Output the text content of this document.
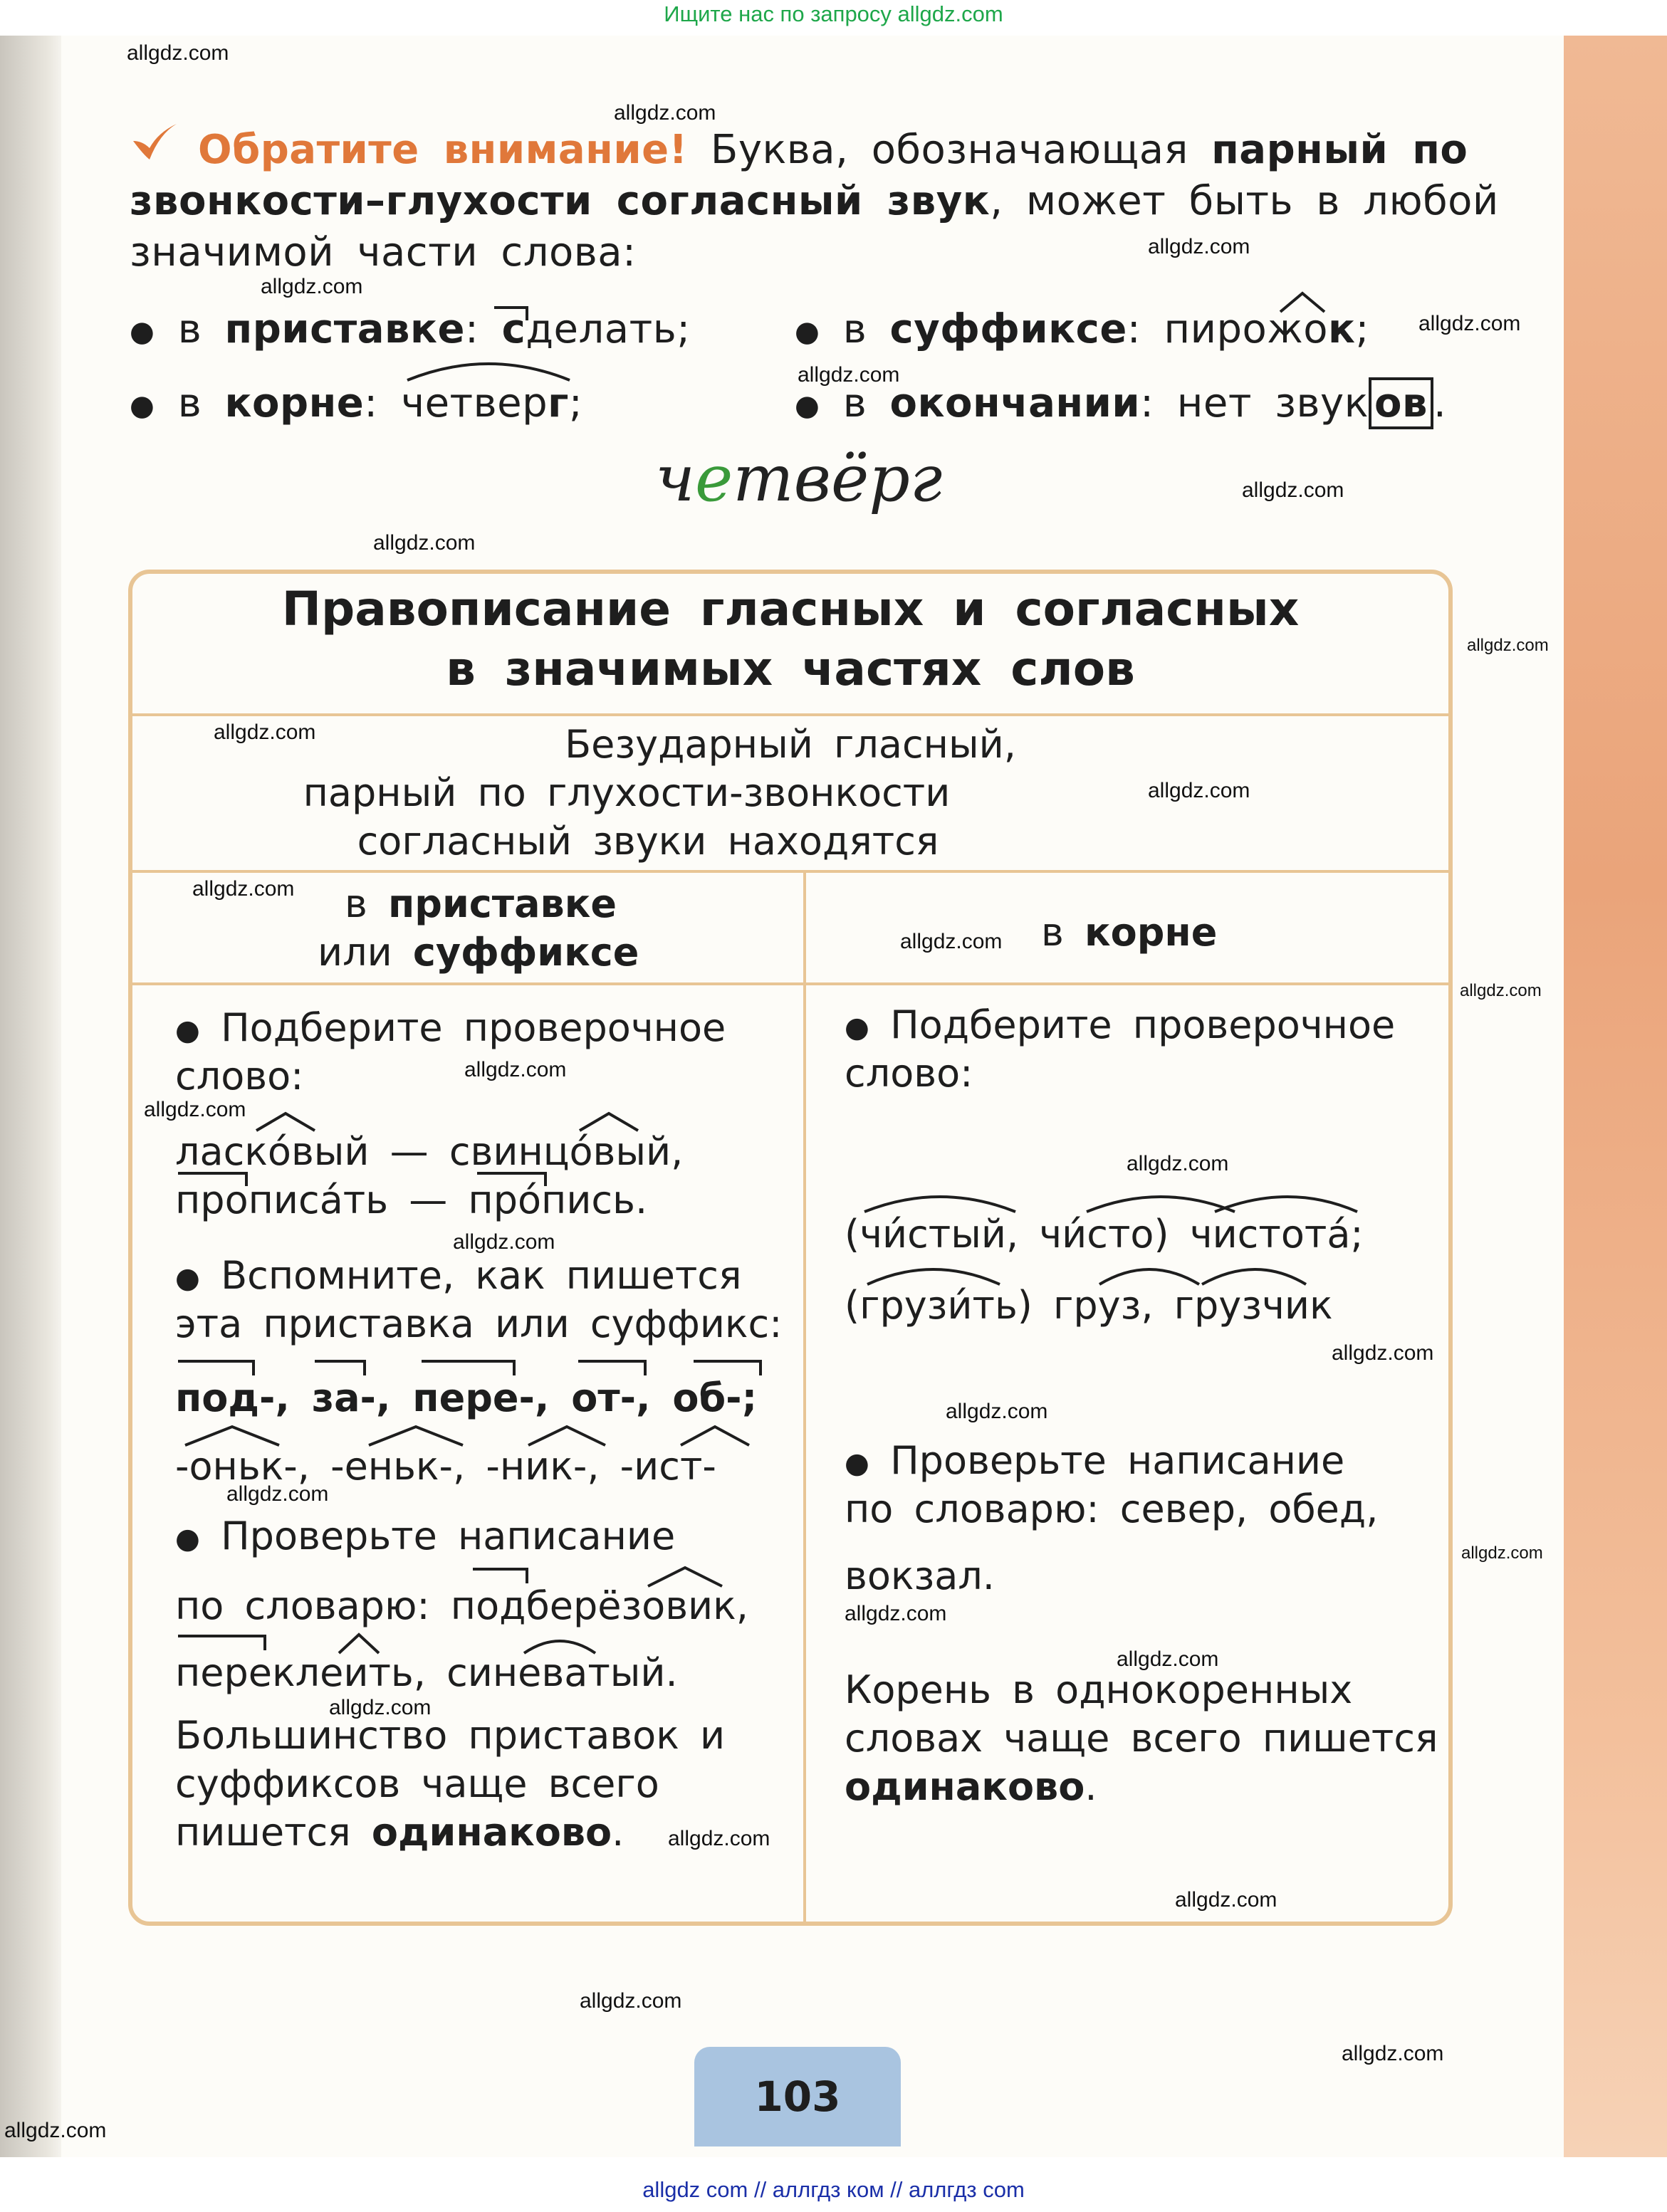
Ищите нас по запросу allgdz.com
allgdz.com
allgdz.com
allgdz.com
allgdz.com
allgdz.com
allgdz.com
allgdz.com
allgdz.com
allgdz.com
allgdz.com
allgdz.com
allgdz.com
allgdz.com
allgdz.com
allgdz.com
allgdz.com
allgdz.com
allgdz.com
allgdz.com
allgdz.com
allgdz.com
allgdz.com
allgdz.com
allgdz.com
allgdz.com
allgdz.com
allgdz.com
allgdz.com
allgdz.com
allgdz.com
Обратите внимание! Буква, обозначающая парный по
звонкости–глухости согласный звук, может быть в любой
значимой части слова:
● в приставке: сделать;	● в суффиксе: пирожок;
● в корне: четверг;	● в окончании: нет звук ов .
четвёрг
Правописание гласных и согласных
в значимых частях слов
Безударный гласный,
парный по глухости-звонкости
согласный звуки находятся
в приставке
или суффиксе	в корне
● Подберите проверочное
слово:
ласко́вый — свинцо́вый,
прописа́ть — про́пись.
● Вспомните, как пишется
эта приставка или суффикс:
под-, за-, пере-, от-, об-;
-оньк-, -еньк-, -ник-, -ист-
● Проверьте написание
по словарю: подберёзовик,
переклеить, синеватый.
Большинство приставок и
суффиксов чаще всего
пишется одинаково.
● Подберите проверочное
слово:
(чи́стый, чи́сто) чистота́;
(грузи́ть) груз, грузчик
● Проверьте написание
по словарю: север, обед,
вокзал.
Корень в однокоренных
словах чаще всего пишется
одинаково.
103
allgdz com // аллгдз ком // аллгдз com
